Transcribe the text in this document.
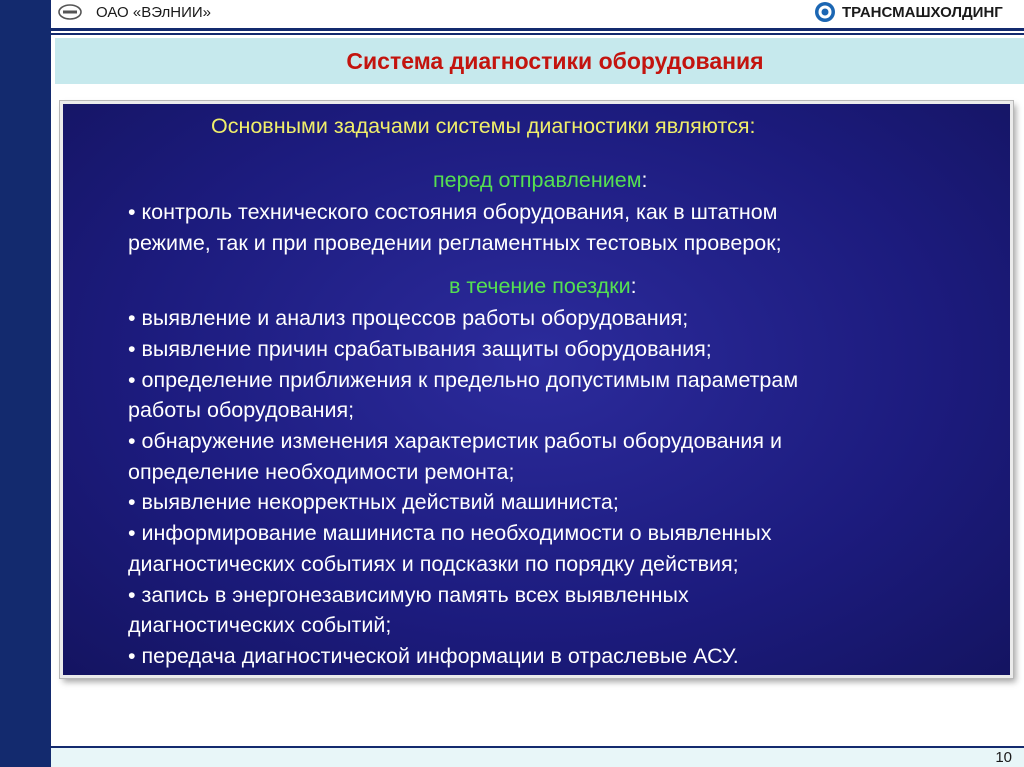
ОАО «ВЭлНИИ»	ТРАНСМАШХОЛДИНГ
Система диагностики оборудования
Основными задачами системы диагностики являются:
перед отправлением:
• контроль технического состояния оборудования, как в штатном
режиме, так и при проведении регламентных тестовых проверок;
в течение поездки:
• выявление и анализ процессов работы оборудования;
• выявление причин срабатывания защиты оборудования;
• определение приближения к предельно допустимым параметрам
работы оборудования;
• обнаружение изменения характеристик работы оборудования и
определение необходимости ремонта;
• выявление некорректных действий машиниста;
• информирование машиниста по необходимости о выявленных
диагностических событиях и подсказки по порядку действия;
• запись в энергонезависимую память всех выявленных
диагностических событий;
• передача диагностической информации в отраслевые АСУ.
10
